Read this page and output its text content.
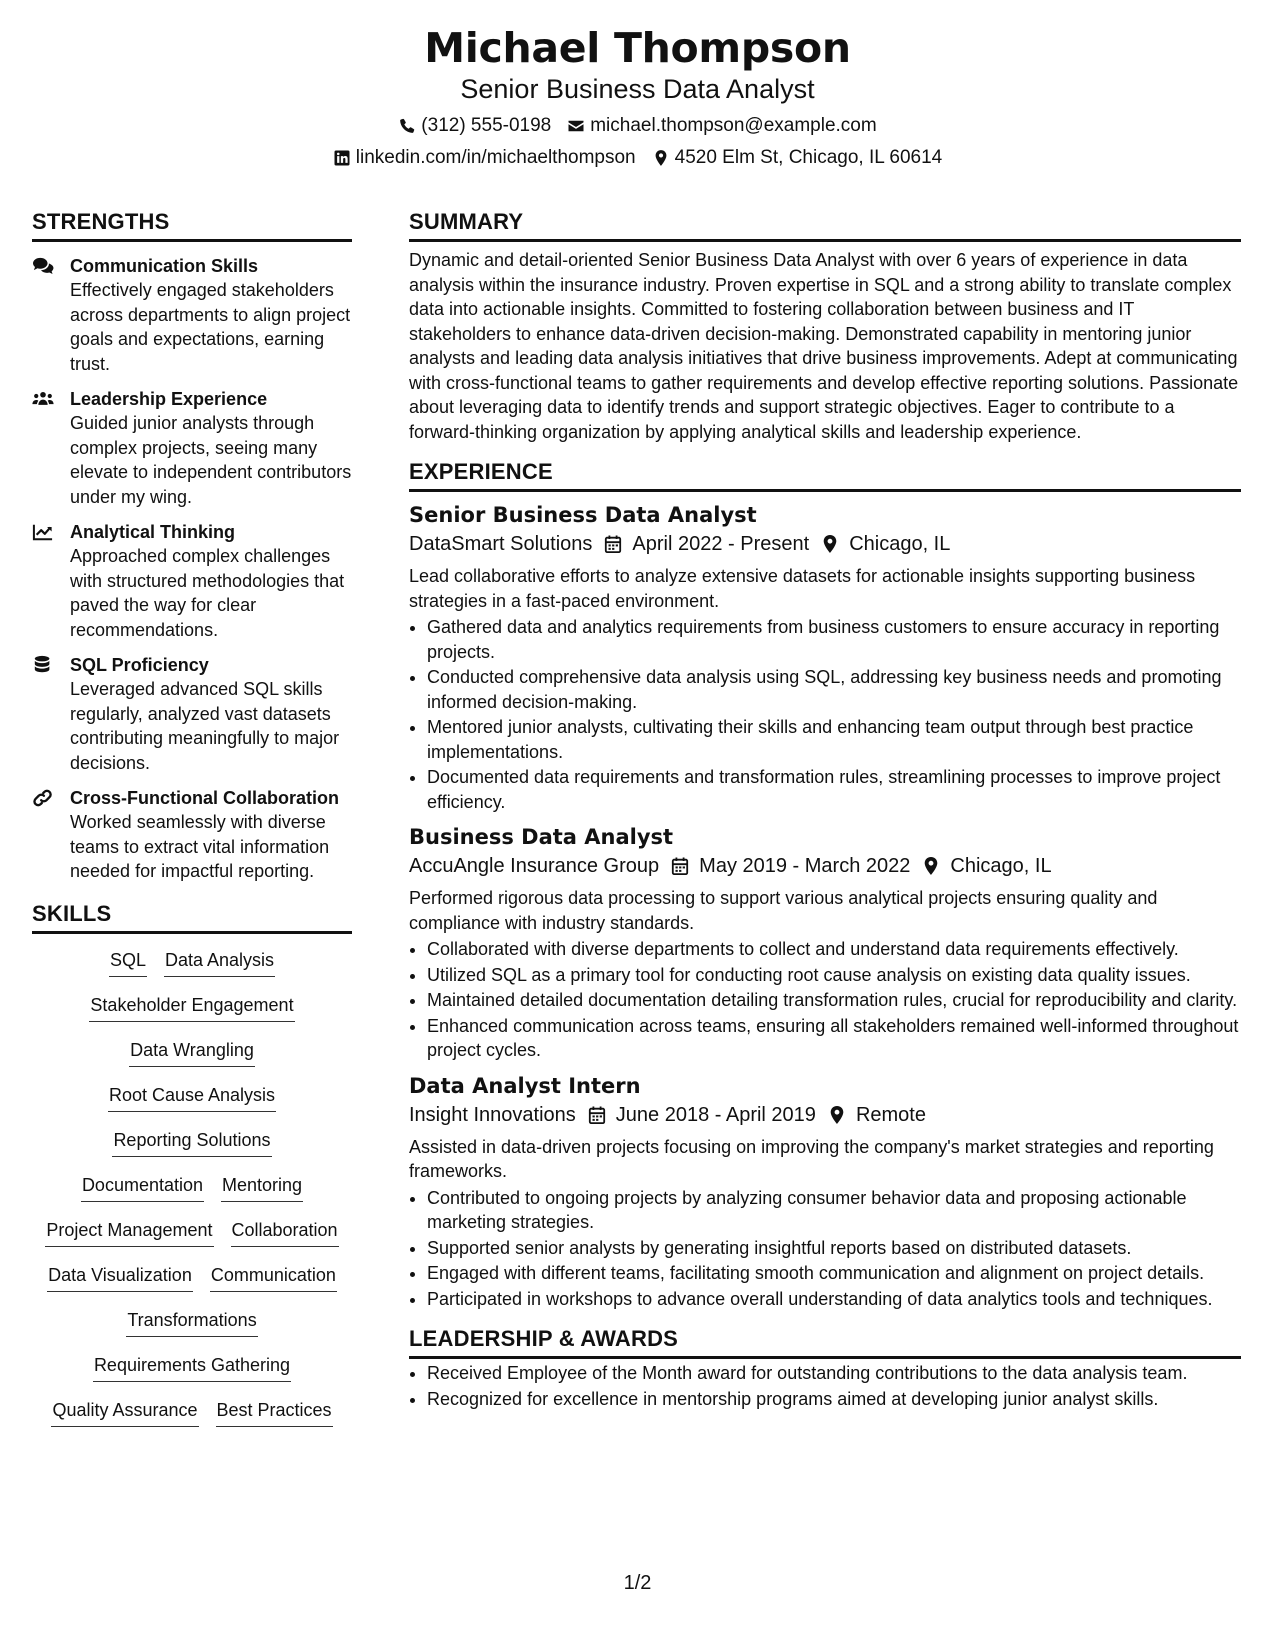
Michael Thompson
Senior Business Data Analyst
(312) 555-0198 michael.thompson@example.com
linkedin.com/in/michaelthompson 4520 Elm St, Chicago, IL 60614
STRENGTHS
Communication Skills
Effectively engaged stakeholders across departments to align project goals and expectations, earning trust.
Leadership Experience
Guided junior analysts through complex projects, seeing many elevate to independent contributors under my wing.
Analytical Thinking
Approached complex challenges with structured methodologies that paved the way for clear recommendations.
SQL Proficiency
Leveraged advanced SQL skills regularly, analyzed vast datasets contributing meaningfully to major decisions.
Cross-Functional Collaboration
Worked seamlessly with diverse teams to extract vital information needed for impactful reporting.
SKILLS
SQL Data Analysis
Stakeholder Engagement
Data Wrangling
Root Cause Analysis
Reporting Solutions
Documentation Mentoring
Project Management Collaboration
Data Visualization Communication
Transformations
Requirements Gathering
Quality Assurance Best Practices
SUMMARY
Dynamic and detail-oriented Senior Business Data Analyst with over 6 years of experience in data analysis within the insurance industry. Proven expertise in SQL and a strong ability to translate complex data into actionable insights. Committed to fostering collaboration between business and IT stakeholders to enhance data-driven decision-making. Demonstrated capability in mentoring junior analysts and leading data analysis initiatives that drive business improvements. Adept at communicating with cross-functional teams to gather requirements and develop effective reporting solutions. Passionate about leveraging data to identify trends and support strategic objectives. Eager to contribute to a forward-thinking organization by applying analytical skills and leadership experience.
EXPERIENCE
Senior Business Data Analyst
DataSmart Solutions April 2022 - Present Chicago, IL
Lead collaborative efforts to analyze extensive datasets for actionable insights supporting business strategies in a fast-paced environment.
• Gathered data and analytics requirements from business customers to ensure accuracy in reporting projects.
• Conducted comprehensive data analysis using SQL, addressing key business needs and promoting informed decision-making.
• Mentored junior analysts, cultivating their skills and enhancing team output through best practice implementations.
• Documented data requirements and transformation rules, streamlining processes to improve project efficiency.
Business Data Analyst
AccuAngle Insurance Group May 2019 - March 2022 Chicago, IL
Performed rigorous data processing to support various analytical projects ensuring quality and compliance with industry standards.
• Collaborated with diverse departments to collect and understand data requirements effectively.
• Utilized SQL as a primary tool for conducting root cause analysis on existing data quality issues.
• Maintained detailed documentation detailing transformation rules, crucial for reproducibility and clarity.
• Enhanced communication across teams, ensuring all stakeholders remained well-informed throughout project cycles.
Data Analyst Intern
Insight Innovations June 2018 - April 2019 Remote
Assisted in data-driven projects focusing on improving the company's market strategies and reporting frameworks.
• Contributed to ongoing projects by analyzing consumer behavior data and proposing actionable marketing strategies.
• Supported senior analysts by generating insightful reports based on distributed datasets.
• Engaged with different teams, facilitating smooth communication and alignment on project details.
• Participated in workshops to advance overall understanding of data analytics tools and techniques.
LEADERSHIP & AWARDS
• Received Employee of the Month award for outstanding contributions to the data analysis team.
• Recognized for excellence in mentorship programs aimed at developing junior analyst skills.
1/2
